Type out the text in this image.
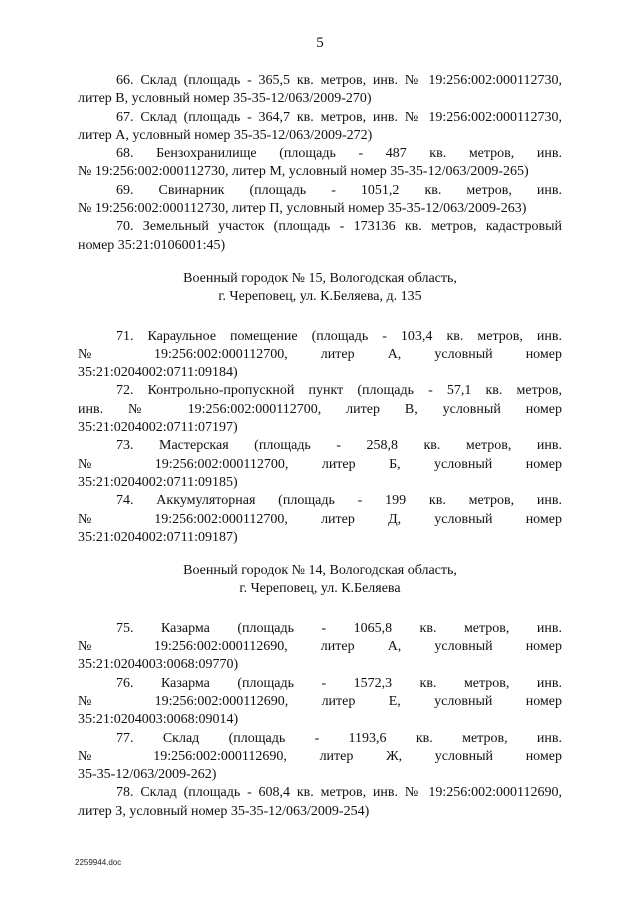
5
66. Склад (площадь - 365,5 кв. метров, инв. № 19:256:002:000112730,
литер В, условный номер 35-35-12/063/2009-270)
67. Склад (площадь - 364,7 кв. метров, инв. № 19:256:002:000112730,
литер А, условный номер 35-35-12/063/2009-272)
68. Бензохранилище (площадь - 487 кв. метров, инв.
№ 19:256:002:000112730, литер М, условный номер 35-35-12/063/2009-265)
69. Свинарник (площадь - 1051,2 кв. метров, инв.
№ 19:256:002:000112730, литер П, условный номер 35-35-12/063/2009-263)
70. Земельный участок (площадь - 173136 кв. метров, кадастровый
номер 35:21:0106001:45)
Военный городок № 15, Вологодская область,
г. Череповец, ул. К.Беляева, д. 135
71. Караульное помещение (площадь - 103,4 кв. метров, инв.
№ 19:256:002:000112700, литер А, условный номер
35:21:0204002:0711:09184)
72. Контрольно-пропускной пункт (площадь - 57,1 кв. метров,
инв. № 19:256:002:000112700, литер В, условный номер
35:21:0204002:0711:07197)
73. Мастерская (площадь - 258,8 кв. метров, инв.
№ 19:256:002:000112700, литер Б, условный номер
35:21:0204002:0711:09185)
74. Аккумуляторная (площадь - 199 кв. метров, инв.
№ 19:256:002:000112700, литер Д, условный номер
35:21:0204002:0711:09187)
Военный городок № 14, Вологодская область,
г. Череповец, ул. К.Беляева
75. Казарма (площадь - 1065,8 кв. метров, инв.
№ 19:256:002:000112690, литер А, условный номер
35:21:0204003:0068:09770)
76. Казарма (площадь - 1572,3 кв. метров, инв.
№ 19:256:002:000112690, литер Е, условный номер
35:21:0204003:0068:09014)
77. Склад (площадь - 1193,6 кв. метров, инв.
№ 19:256:002:000112690, литер Ж, условный номер
35-35-12/063/2009-262)
78. Склад (площадь - 608,4 кв. метров, инв. № 19:256:002:000112690,
литер З, условный номер 35-35-12/063/2009-254)
2259944.doc
